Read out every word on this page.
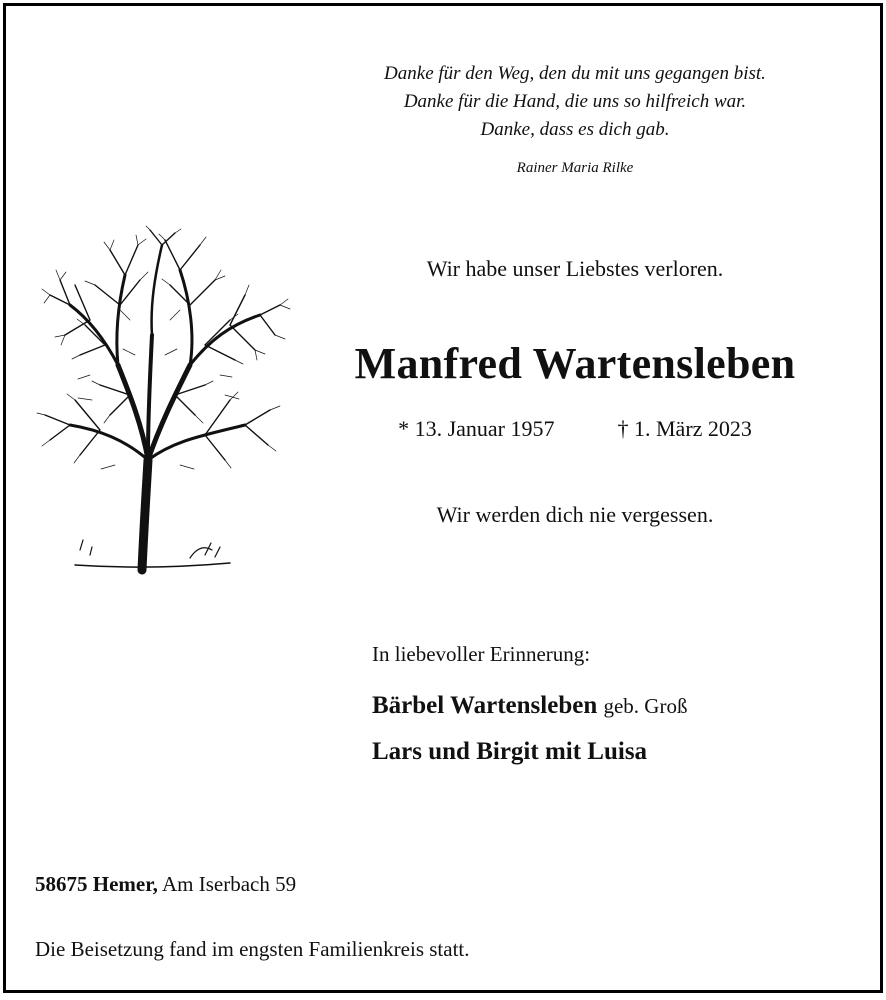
Danke für den Weg, den du mit uns gegangen bist.
Danke für die Hand, die uns so hilfreich war.
Danke, dass es dich gab.
Rainer Maria Rilke
Wir habe unser Liebstes verloren.
Manfred Wartensleben
* 13. Januar 1957	† 1. März 2023
Wir werden dich nie vergessen.
In liebevoller Erinnerung:
Bärbel Wartensleben geb. Groß
Lars und Birgit mit Luisa
58675 Hemer, Am Iserbach 59
Die Beisetzung fand im engsten Familienkreis statt.
